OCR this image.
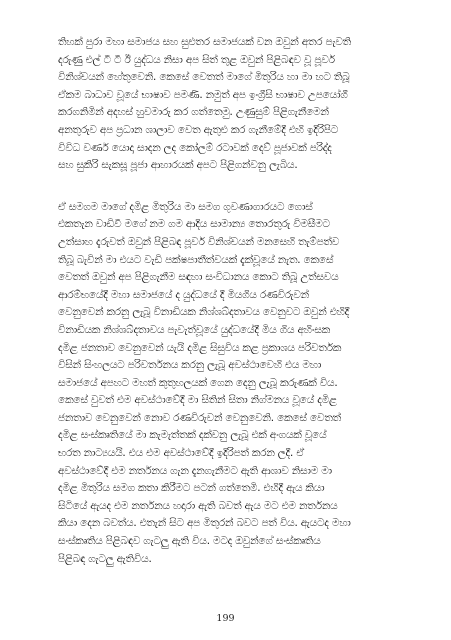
තිහක් පුරා මහා සමාජය සහ සුළුතර සමාජයක් වන ඔවුන් අතර පැවති

දරුණු එල් ටී ටී ඊ යුද්ධය නිසා අප සිත් තුළ ඔවුන් පිළිබඳව වූ පූර්ව

විනිශ්චයන් හේතුවෙනි. කෙසේ වෙතත් මාගේ මිතුරිය හා මා හට තිබූ

ඒකම බාධාව වූයේ භාෂාව පමණි. නමුත් අප ඉංග්‍රීසි භාෂාව උපයෝගී

කරගනිමින් අදහස් හුවමාරු කර ගත්තෙමු. උණුසුම් පිළිගැනීමෙන්

අනතුරුව අප ප්‍රධාන ශාලාව වෙත ඇතුළු කර ගැනීමේදී එහි ඉදිරිපිට

විවිධ වර්ණ යොදා සාදන ලද කෝලම් රටාවක් දෙව් පූජාවක් පරිද්ද

සහ සුකිරි සැකසූ පූජා ආහාරයක් අපට පිළිගන්වනු ලැබිය.

ඒ සමගම මාගේ දමිළ මිතුරිය මා සමග ගුවණාගාරයට ගොස්

එකතැන වාඩිවී මගේ නම ගම ආදිය සාමාන්‍ය තොරතුරු විමසීමට

උත්සාහ දැරුවත් ඔවුන් පිළිබඳ පූර්ව විනිශ්චයන් මනසෙහි තැම්පත්ව

තිබූ බැවින් මා එයට වැඩි පක්ෂපාතීත්වයක් දැක්වූයේ නැත. කෙසේ

වෙතත් ඔවුන් අප පිළිගැනීම සඳහා සංවිධානය කොට තිබූ උත්සවය

ආරම්භයේදී මහා සමාජයේ ද යුද්ධයේ දී මියගිය රණවිරුවන්

වෙනුවෙන් කරනු ලැබූ විනාඩියක නිශ්ශබ්දතාවය වෙනුවට ඔවුන් එහිදී

විනාඩියක නිශ්ශබ්දතාවය පැවැත්වූයේ යුද්ධයේදී මිය ගිය අහිංසක

දමිළ ජනතාව වෙනුවෙන් යැයි දමිළ සිසුවිය කළ ප්‍රකාශය පරිවර්තක

විසින් සිංහලයට පරිවර්තනය කරනු ලැබූ අවස්ථාවෙහි එය මහා

සමාජයේ අපහට මහත් කුතුහලයක් ගෙන දෙනු ලැබූ කරුණක් විය.

කෙසේ වුවත් එම අවස්ථාවේදී මා සිතින් සිතා නිග්මනය වූයේ දමිළ

ජනතාව වෙනුවෙන් නොව රණවිරුවන් වෙනුවෙනි. කෙසේ වෙතත්

දමිළ සංස්කෘතියේ මා කැමැත්තක් දක්වනු ලැබූ එක් අංගයක් වූයේ

භරත නාට්‍යයයි. එය එම අවස්ථාවේදී ඉදිරිපත් කරන ලදී. ඒ

අවස්ථාවේදී එම නර්තනය ගැන දැනගැනීමට ඇති ආශාව නිසාම මා

දමිළ මිතුරිය සමග කතා කිරීමට පටන් ගත්තෙමි. එහිදී ඇය කියා

සිටියේ ඇයද එම නර්තනය හදාරා ඇති බවත් ඇය මට එම නර්තනය

කියා දෙන බවත්ය. එතැන් සිට අප මිතුරන් බවට පත් විය. ඇයටද මහා

සංස්කෘතිය පිළිබඳව ගැටලු ඇති විය. මටද ඔවුන්ගේ සංස්කෘතිය

පිළිබඳ ගැටලු ඇතිවිය.

199
